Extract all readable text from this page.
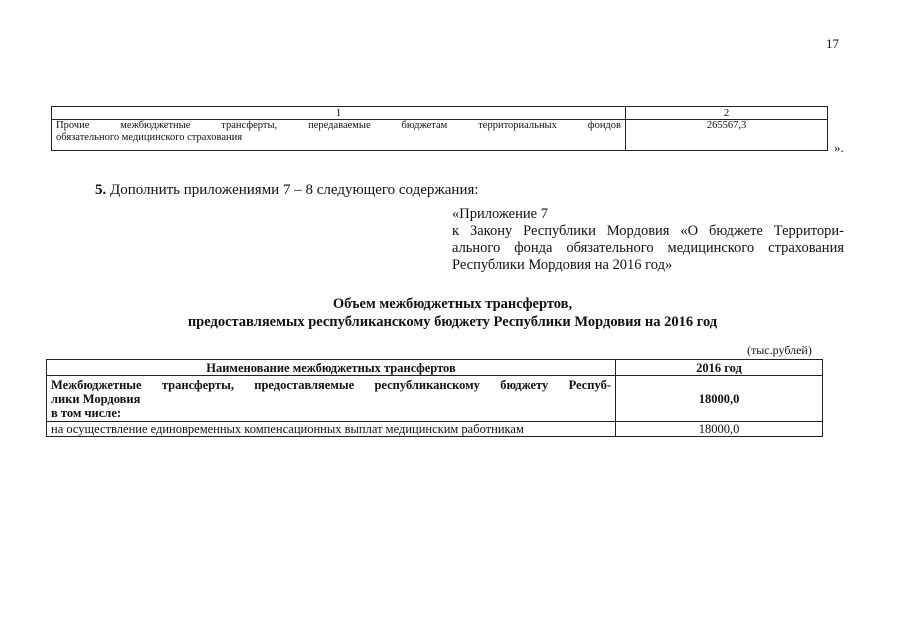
17
1	2

Прочие межбюджетные трансферты, передаваемые бюджетам территориальных фондов
обязательного медицинского страхования	265567,3
».
5. Дополнить приложениями 7 – 8 следующего содержания:
«Приложение 7
к Закону Республики Мордовия «О бюджете Территори-
ального фонда обязательного медицинского страхования
Республики Мордовия на 2016 год»
Объем межбюджетных трансфертов,
предоставляемых республиканскому бюджету Республики Мордовия на 2016 год
(тыс.рублей)
Наименование межбюджетных трансфертов	2016 год

Межбюджетные трансферты, предоставляемые республиканскому бюджету Респуб-
лики Мордовия
в том числе:	18000,0
на осуществление единовременных компенсационных выплат медицинским работникам	18000,0
